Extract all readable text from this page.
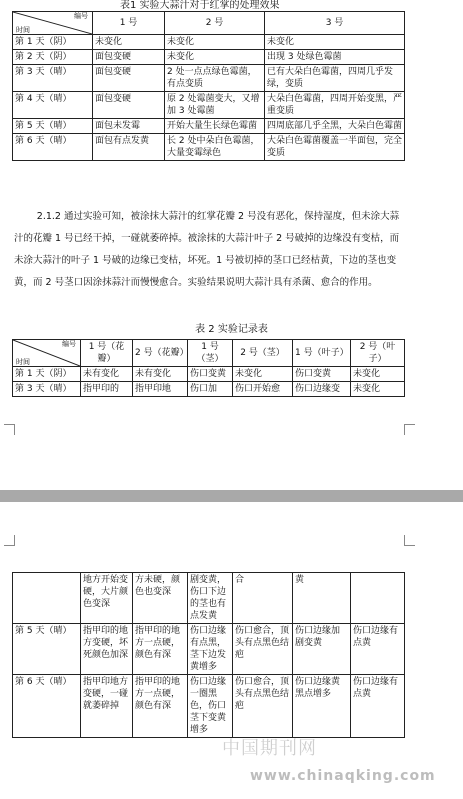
表1 实验大蒜汁对于红掌的处理效果
编号
时间	1 号	2 号	3 号
第 1 天（阴）	未变化	未变化	未变化
第 2 天（阴）	面包变硬	未变化	出现 3 处绿色霉菌
第 3 天（晴）	面包变硬	2 处一点点绿色霉菌，有点变质	已有大朵白色霉菌，四周几乎发绿，变质
第 4 天（晴）	面包变硬	原 2 处霉菌变大，又增加 3 处霉菌	大朵白色霉菌，四周开始变黑，严重变质
第 5 天（晴）	面包未发霉	开始大量生长绿色霉菌	四周底部几乎全黑，大朵白色霉菌
第 6 天（晴）	面包有点发黄	长 2 处中朵白色霉菌，大量变霉绿色	大朵白色霉菌覆盖一半面包，完全变质

2.1.2 通过实验可知，被涂抹大蒜汁的红掌花瓣 2 号没有恶化，保持湿度，但未涂大蒜汁的花瓣 1 号已经干掉，一碰就萎碎掉。被涂抹的大蒜汁叶子 2 号破掉的边缘没有变枯，而未涂大蒜汁的叶子 1 号破的边缘已变枯，坏死。1 号被切掉的茎口已经枯黄，下边的茎也变黄，而 2 号茎口因涂抹蒜汁而慢慢愈合。实验结果说明大蒜汁具有杀菌、愈合的作用。

表 2 实验记录表
编号
时间	1 号（花瓣）	2 号（花瓣）	1 号（茎）	2 号（茎）	1 号（叶子）	2 号（叶子）
第 1 天（阴）	未有变化	未有变化	伤口变黄	未变化	伤口变黄	未变化
第 3 天（晴）	指甲印的	指甲印地	伤口加	伤口开始愈	伤口边缘变	未变化
	地方开始变硬，大片颜色变深	方未硬，颜色也变深	剧变黄，伤口下边的茎也有点发黄	合	黄	
第 5 天（晴）	指甲印的地方变硬，坏死颜色加深	指甲印的地方一点硬，颜色有深	伤口边缘有点黑，茎下边发黄增多	伤口愈合，顶头有点黑色结疤	伤口边缘加剧变黄	伤口边缘有点黄
第 6 天（晴）	指甲印地方变硬，一碰就萎碎掉	指甲印的地方一点硬，颜色有深	伤口边缘一圈黑色，伤口茎下变黄增多	伤口愈合，顶头有点黑色结疤	伤口边缘黄黑点增多	伤口边缘有点黄
中国期刊网
www.chinaqking.com
